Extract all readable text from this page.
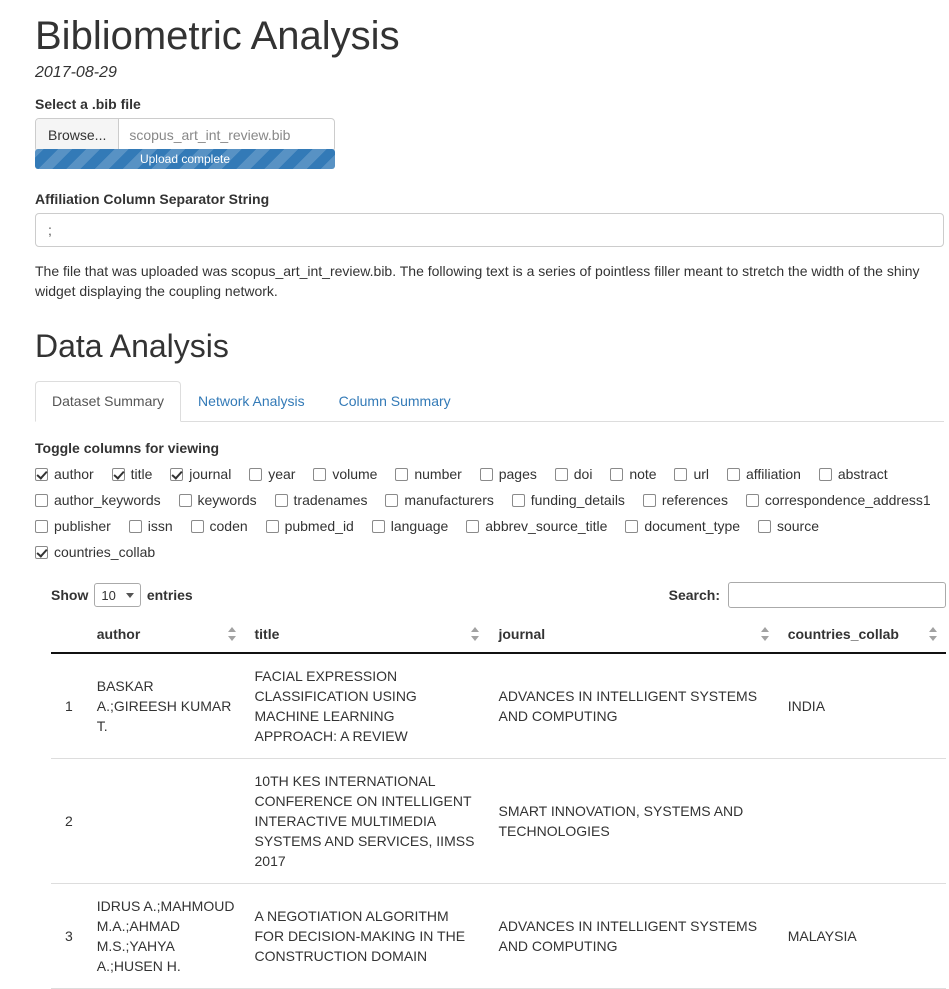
Bibliometric Analysis
2017-08-29
Select a .bib file
Browse...	scopus_art_int_review.bib
Upload complete
Affiliation Column Separator String
;

The file that was uploaded was scopus_art_int_review.bib. The following text is a series of pointless filler meant to stretch the width of the shiny widget displaying the coupling network.

Data Analysis
Dataset Summary	Network Analysis	Column Summary
Toggle columns for viewing
author
	title
	journal
	year
	volume
	number
	pages
	doi
	note
	url
	affiliation
	abstract

author_keywords
	keywords
	tradenames
	manufacturers
	funding_details
	references
	correspondence_address1

publisher
	issn
	coden
	pubmed_id
	language
	abbrev_source_title
	document_type
	source

countries_collab
Show 10 entries	Search:
	author	title	journal	countries_collab

1	BASKAR A.;GIREESH KUMAR T.	FACIAL EXPRESSION CLASSIFICATION USING MACHINE LEARNING APPROACH: A REVIEW	ADVANCES IN INTELLIGENT SYSTEMS AND COMPUTING	INDIA
2		10TH KES INTERNATIONAL CONFERENCE ON INTELLIGENT INTERACTIVE MULTIMEDIA SYSTEMS AND SERVICES, IIMSS 2017	SMART INNOVATION, SYSTEMS AND TECHNOLOGIES	
3	IDRUS A.;MAHMOUD M.A.;AHMAD M.S.;YAHYA A.;HUSEN H.	A NEGOTIATION ALGORITHM FOR DECISION-MAKING IN THE CONSTRUCTION DOMAIN	ADVANCES IN INTELLIGENT SYSTEMS AND COMPUTING	MALAYSIA
